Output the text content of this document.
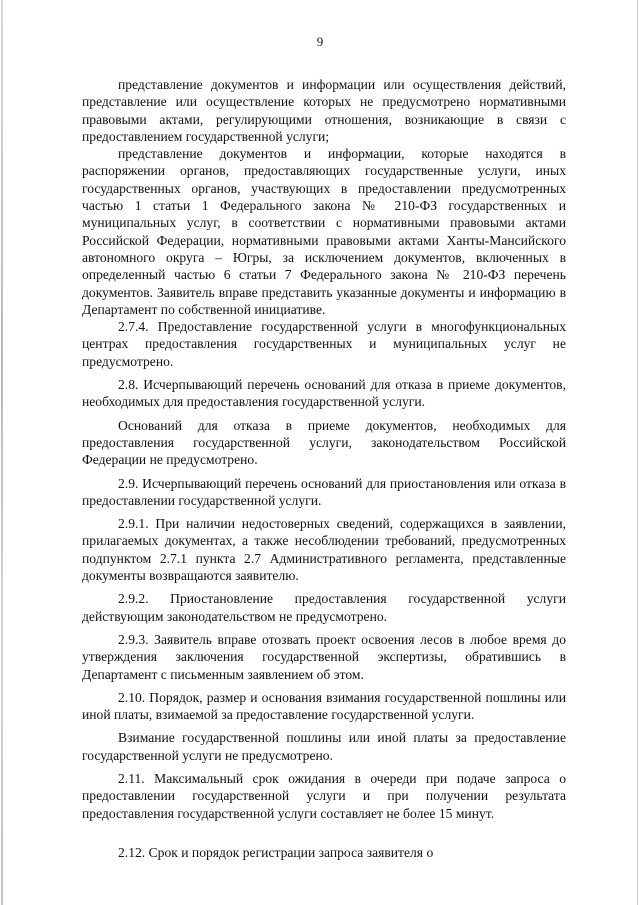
9

представление документов и информации или осуществления действий, представление или осуществление которых не предусмотрено нормативными правовыми актами, регулирующими отношения, возникающие в связи с предоставлением государственной услуги;

представление документов и информации, которые находятся в распоряжении органов, предоставляющих государственные услуги, иных государственных органов, участвующих в предоставлении предусмотренных частью 1 статьи 1 Федерального закона № 210-ФЗ государственных и муниципальных услуг, в соответствии с нормативными правовыми актами Российской Федерации, нормативными правовыми актами Ханты-Мансийского автономного округа – Югры, за исключением документов, включенных в определенный частью 6 статьи 7 Федерального закона № 210-ФЗ перечень документов. Заявитель вправе представить указанные документы и информацию в Департамент по собственной инициативе.

2.7.4. Предоставление государственной услуги в многофункциональных центрах предоставления государственных и муниципальных услуг не предусмотрено.

2.8. Исчерпывающий перечень оснований для отказа в приеме документов, необходимых для предоставления государственной услуги.

Оснований для отказа в приеме документов, необходимых для предоставления государственной услуги, законодательством Российской Федерации не предусмотрено.

2.9. Исчерпывающий перечень оснований для приостановления или отказа в предоставлении государственной услуги.

2.9.1. При наличии недостоверных сведений, содержащихся в заявлении, прилагаемых документах, а также несоблюдении требований, предусмотренных подпунктом 2.7.1 пункта 2.7 Административного регламента, представленные документы возвращаются заявителю.

2.9.2. Приостановление предоставления государственной услуги действующим законодательством не предусмотрено.

2.9.3. Заявитель вправе отозвать проект освоения лесов в любое время до утверждения заключения государственной экспертизы, обратившись в Департамент с письменным заявлением об этом.

2.10. Порядок, размер и основания взимания государственной пошлины или иной платы, взимаемой за предоставление государственной услуги.

Взимание государственной пошлины или иной платы за предоставление государственной услуги не предусмотрено.

2.11. Максимальный срок ожидания в очереди при подаче запроса о предоставлении государственной услуги и при получении результата предоставления государственной услуги составляет не более 15 минут.

2.12. Срок и порядок регистрации запроса заявителя о
